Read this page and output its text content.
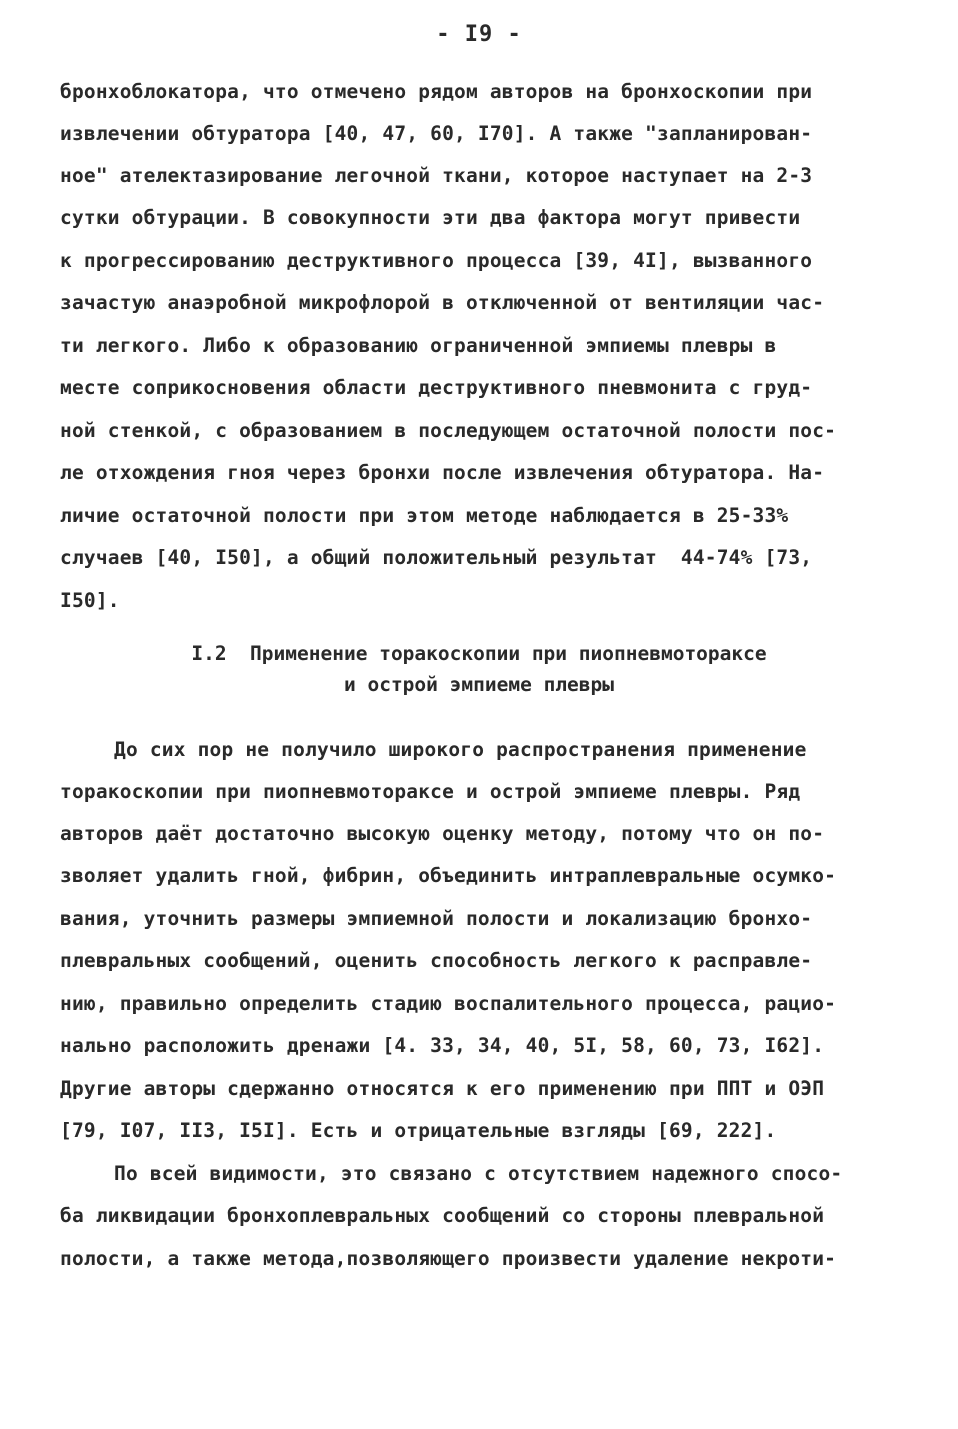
- I9 -
бронхоблокатора, что отмечено рядом авторов на бронхоскопии при
извлечении обтуратора [40, 47, 60, I70]. А также "запланирован-
ное" ателектазирование легочной ткани, которое наступает на 2-3
сутки обтурации. В совокупности эти два фактора могут привести
к прогрессированию деструктивного процесса [39, 4I], вызванного
зачастую анаэробной микрофлорой в отключенной от вентиляции час-
ти легкого. Либо к образованию ограниченной эмпиемы плевры в
месте соприкосновения области деструктивного пневмонита с груд-
ной стенкой, с образованием в последующем остаточной полости пос-
ле отхождения гноя через бронхи после извлечения обтуратора. На-
личие остаточной полости при этом методе наблюдается в 25-33%
случаев [40, I50], а общий положительный результат  44-74% [73,
I50].
I.2  Применение торакоскопии при пиопневмотораксе
и острой эмпиеме плевры
До сих пор не получило широкого распространения применение
торакоскопии при пиопневмотораксе и острой эмпиеме плевры. Ряд
авторов даёт достаточно высокую оценку методу, потому что он по-
зволяет удалить гной, фибрин, объединить интраплевральные осумко-
вания, уточнить размеры эмпиемной полости и локализацию бронхо-
плевральных сообщений, оценить способность легкого к расправле-
нию, правильно определить стадию воспалительного процесса, рацио-
нально расположить дренажи [4. 33, 34, 40, 5I, 58, 60, 73, I62].
Другие авторы сдержанно относятся к его применению при ППТ и ОЭП
[79, I07, II3, I5I]. Есть и отрицательные взгляды [69, 222].
По всей видимости, это связано с отсутствием надежного спосо-
ба ликвидации бронхоплевральных сообщений со стороны плевральной
полости, а также метода,позволяющего произвести удаление некроти-
